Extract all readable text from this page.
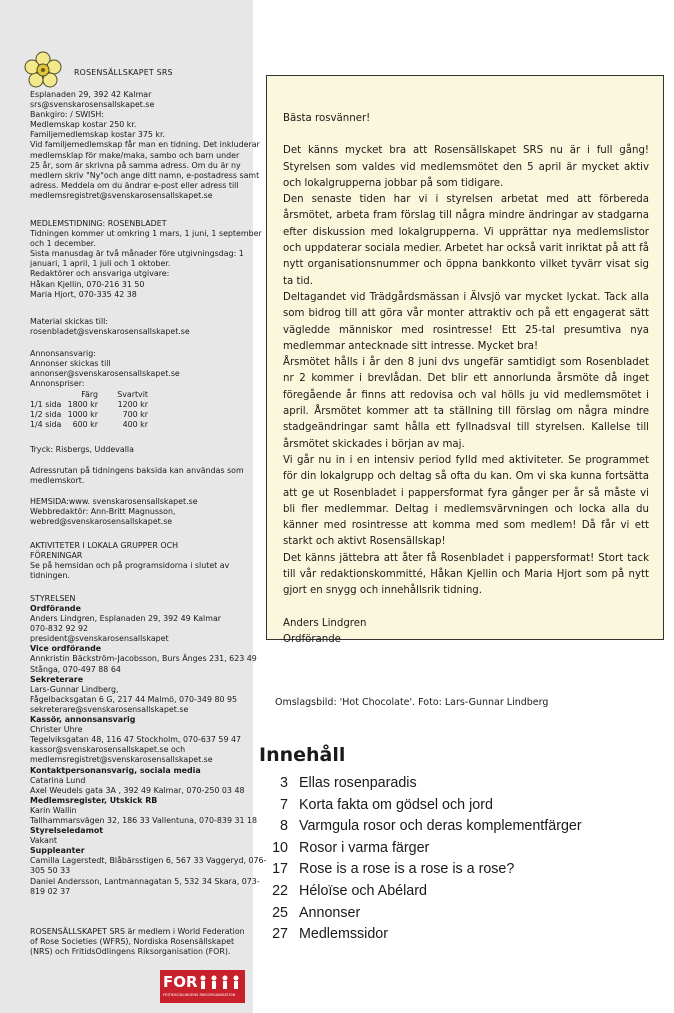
ROSENSÄLLSKAPET SRS
Esplanaden 29, 392 42 Kalmar
srs@svenskarosensallskapet.se
Bankgiro: / SWISH:
Medlemskap kostar 250 kr.
Familjemedlemskap kostar 375 kr.
Vid familjemedlemskap får man en tidning. Det inkluderar
medlemsklap för make/maka, sambo och barn under
25 år, som är skrivna på samma adress. Om du är ny
medlem skriv "Ny"och ange ditt namn, e-postadress samt
adress. Meddela om du ändrar e-post eller adress till
medlemsregistret@svenskarosensallskapet.se
MEDLEMSTIDNING: ROSENBLADET
Tidningen kommer ut omkring 1 mars, 1 juni, 1 september
och 1 december.
Sista manusdag är två månader före utgivningsdag: 1
januari, 1 april, 1 juli och 1 oktober.
Redaktörer och ansvariga utgivare:
Håkan Kjellin, 070-216 31 50
Maria Hjort, 070-335 42 38
Material skickas till:
rosenbladet@svenskarosensallskapet.se
Annonsansvarig:
Annonser skickas till
annonser@svenskarosensallskapet.se
Annonspriser:
Färg	Svartvit
1/1 sida 1800 kr	1200 kr
1/2 sida 1000 kr	700 kr
1/4 sida	600 kr	400 kr
Tryck: Risbergs, Uddevalla
Adressrutan på tidningens baksida kan användas som
medlemskort.
HEMSIDA:www. svenskarosensallskapet.se
Webbredaktör: Ann-Britt Magnusson,
webred@svenskarosensallskapet.se
AKTIVITETER I LOKALA GRUPPER OCH
FÖRENINGAR
Se på hemsidan och på programsidorna i slutet av
tidningen.
STYRELSEN
Ordförande
Anders Lindgren, Esplanaden 29, 392 49 Kalmar
070-832 92 92
president@svenskarosensallskapet
Vice ordförande
Annkristin Bäckström-Jacobsson, Burs Änges 231, 623 49
Stånga, 070-497 88 64
Sekreterare
Lars-Gunnar Lindberg,
Fågelbacksgatan 6 G, 217 44 Malmö, 070-349 80 95
sekreterare@svenskarosensallskapet.se
Kassör, annonsansvarig
Christer Uhre
Tegelviksgatan 48, 116 47 Stockholm, 070-637 59 47
kassor@svenskarosensallskapet.se och
medlemsregistret@svenskarosensallskapet.se
Kontaktpersonansvarig, sociala media
Catarina Lund
Axel Weudels gata 3A , 392 49 Kalmar, 070-250 03 48
Medlemsregister, Utskick RB
Karin Wallin
Tallhammarsvägen 32, 186 33 Vallentuna, 070-839 31 18
Styrelseledamot
Vakant
Suppleanter
Camilla Lagerstedt, Blåbärsstigen 6, 567 33 Vaggeryd, 076-
305 50 33
Daniel Andersson, Lantmannagatan 5, 532 34 Skara, 073-
819 02 37
ROSENSÄLLSKAPET SRS är medlem i World Federation
of Rose Societies (WFRS), Nordiska Rosensällskapet
(NRS) och FritidsOdlingens Riksorganisation (FOR).
FOR
FRITIDSODLINGENS RIKSORGANISATION

Bästa rosvänner!

Det känns mycket bra att Rosensällskapet SRS nu är i full gång! Styrelsen som valdes vid medlemsmötet den 5 april är mycket aktiv och lokalgrupperna jobbar på som tidigare.

Den senaste tiden har vi i styrelsen arbetat med att förbereda årsmötet, arbeta fram förslag till några mindre ändringar av stadgarna efter diskussion med lokalgrupperna. Vi upprättar nya medlemslistor och uppdaterar sociala medier. Arbetet har också varit inriktat på att få nytt organisationsnummer och öppna bankkonto vilket tyvärr visat sig ta tid.

Deltagandet vid Trädgårdsmässan i Älvsjö var mycket lyckat. Tack alla som bidrog till att göra vår monter attraktiv och på ett engagerat sätt vägledde människor med rosintresse! Ett 25-tal presumtiva nya medlemmar antecknade sitt intresse. Mycket bra!

Årsmötet hålls i år den 8 juni dvs ungefär samtidigt som Rosenbladet nr 2 kommer i brevlådan. Det blir ett annorlunda årsmöte då inget föregående år finns att redovisa och val hölls ju vid medlemsmötet i april. Årsmötet kommer att ta ställning till förslag om några mindre stadgeändringar samt hålla ett fyllnadsval till styrelsen. Kallelse till årsmötet skickades i början av maj.

Vi går nu in i en intensiv period fylld med aktiviteter. Se programmet för din lokalgrupp och deltag så ofta du kan. Om vi ska kunna fortsätta att ge ut Rosenbladet i pappersformat fyra gånger per år så måste vi bli fler medlemmar. Deltag i medlemsvärvningen och locka alla du känner med rosintresse att komma med som medlem! Då får vi ett starkt och aktivt Rosensällskap!

Det känns jättebra att åter få Rosenbladet i pappersformat! Stort tack till vår redaktionskommitté, Håkan Kjellin och Maria Hjort som på nytt gjort en snygg och innehållsrik tidning.

Anders Lindgren

Ordförande

Omslagsbild: 'Hot Chocolate'. Foto: Lars-Gunnar Lindberg
Innehåll
3 Ellas rosenparadis
7 Korta fakta om gödsel och jord
8 Varmgula rosor och deras komplementfärger
10 Rosor i varma färger
17 Rose is a rose is a rose is a rose?
22 Héloïse och Abélard
25 Annonser
27 Medlemssidor
